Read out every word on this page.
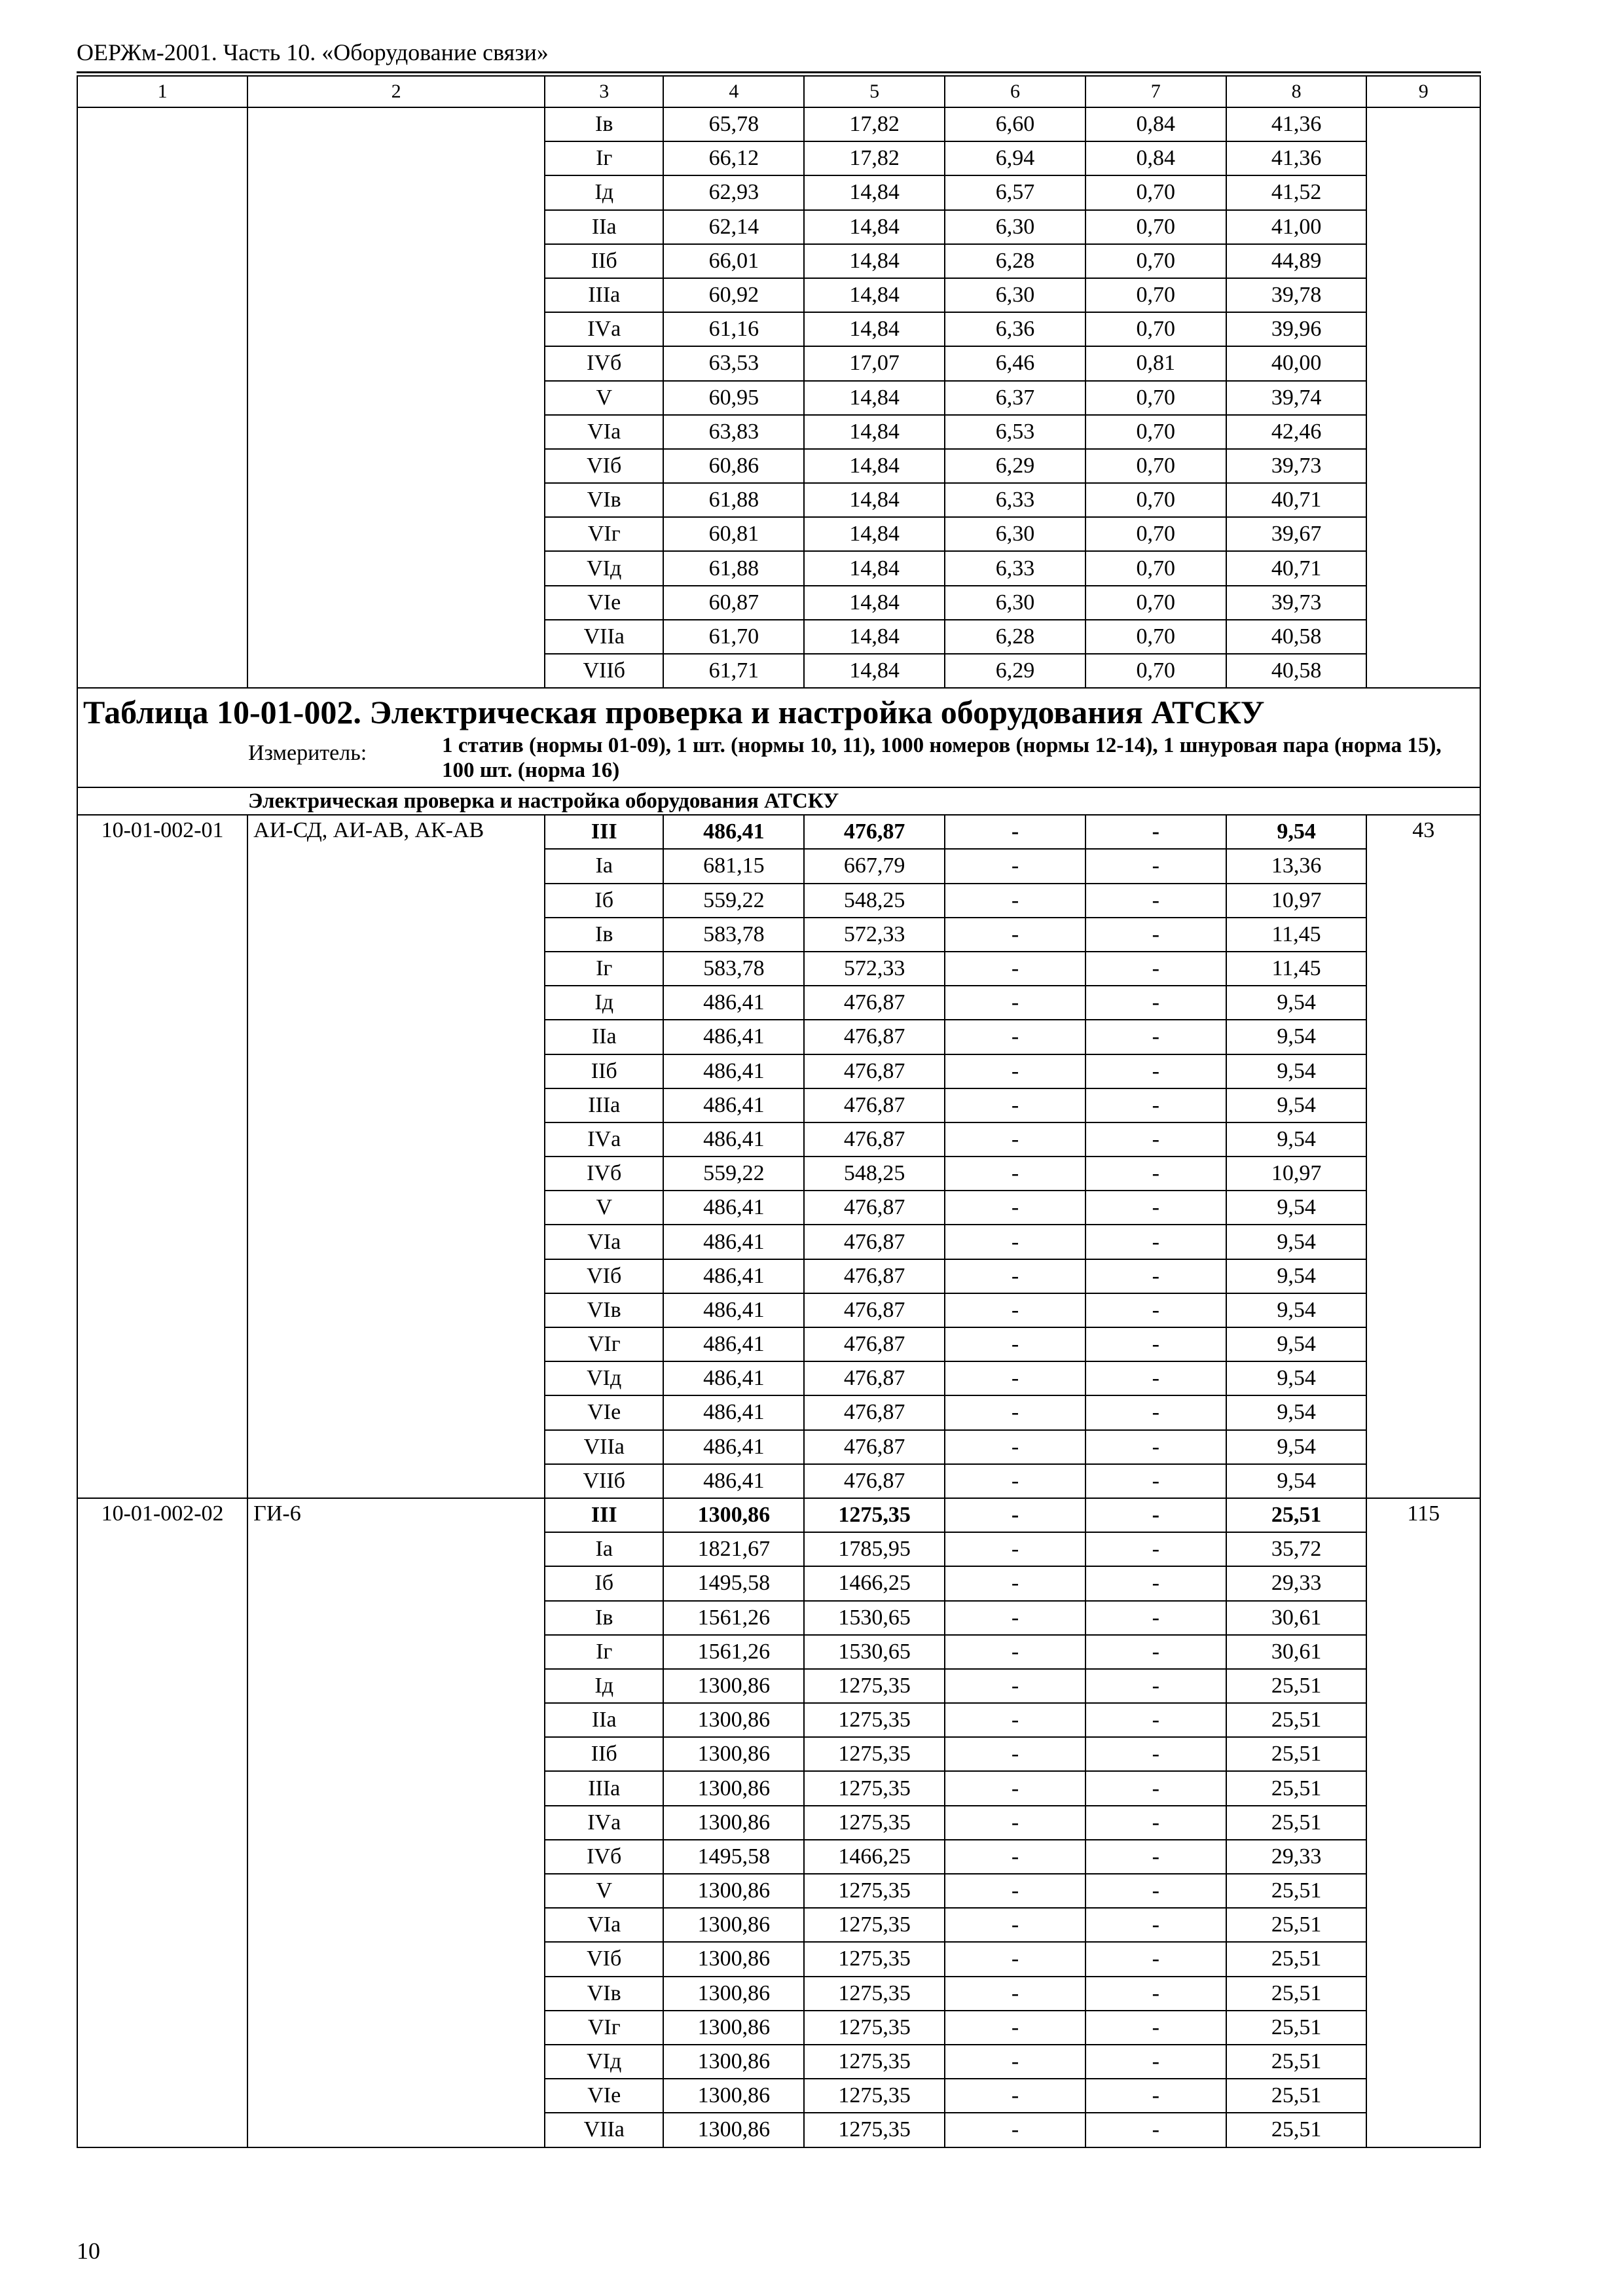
ОЕРЖм-2001. Часть 10. «Оборудование связи»
1	2	3	4	5	6	7	8	9
		Iв	65,78	17,82	6,60	0,84	41,36	
		Iг	66,12	17,82	6,94	0,84	41,36	
		Iд	62,93	14,84	6,57	0,70	41,52	
		IIа	62,14	14,84	6,30	0,70	41,00	
		IIб	66,01	14,84	6,28	0,70	44,89	
		IIIа	60,92	14,84	6,30	0,70	39,78	
		IVа	61,16	14,84	6,36	0,70	39,96	
		IVб	63,53	17,07	6,46	0,81	40,00	
		V	60,95	14,84	6,37	0,70	39,74	
		VIа	63,83	14,84	6,53	0,70	42,46	
		VIб	60,86	14,84	6,29	0,70	39,73	
		VIв	61,88	14,84	6,33	0,70	40,71	
		VIг	60,81	14,84	6,30	0,70	39,67	
		VIд	61,88	14,84	6,33	0,70	40,71	
		VIе	60,87	14,84	6,30	0,70	39,73	
		VIIа	61,70	14,84	6,28	0,70	40,58	
		VIIб	61,71	14,84	6,29	0,70	40,58	

Таблица 10-01-002. Электрическая проверка и настройка оборудования АТСКУ
Измеритель: 1 статив (нормы 01-09), 1 шт. (нормы 10, 11), 1000 номеров (нормы 12-14), 1 шнуровая пара (норма 15), 100 шт. (норма 16)								

Электрическая проверка и настройка оборудования АТСКУ								

10-01-002-01	АИ-СД, АИ-АВ, АК-АВ	III	486,41	476,87	-	-	9,54	43
		Iа	681,15	667,79	-	-	13,36	
		Iб	559,22	548,25	-	-	10,97	
		Iв	583,78	572,33	-	-	11,45	
		Iг	583,78	572,33	-	-	11,45	
		Iд	486,41	476,87	-	-	9,54	
		IIа	486,41	476,87	-	-	9,54	
		IIб	486,41	476,87	-	-	9,54	
		IIIа	486,41	476,87	-	-	9,54	
		IVа	486,41	476,87	-	-	9,54	
		IVб	559,22	548,25	-	-	10,97	
		V	486,41	476,87	-	-	9,54	
		VIа	486,41	476,87	-	-	9,54	
		VIб	486,41	476,87	-	-	9,54	
		VIв	486,41	476,87	-	-	9,54	
		VIг	486,41	476,87	-	-	9,54	
		VIд	486,41	476,87	-	-	9,54	
		VIе	486,41	476,87	-	-	9,54	
		VIIа	486,41	476,87	-	-	9,54	
		VIIб	486,41	476,87	-	-	9,54	
10-01-002-02	ГИ-6	III	1300,86	1275,35	-	-	25,51	115
		Iа	1821,67	1785,95	-	-	35,72	
		Iб	1495,58	1466,25	-	-	29,33	
		Iв	1561,26	1530,65	-	-	30,61	
		Iг	1561,26	1530,65	-	-	30,61	
		Iд	1300,86	1275,35	-	-	25,51	
		IIа	1300,86	1275,35	-	-	25,51	
		IIб	1300,86	1275,35	-	-	25,51	
		IIIа	1300,86	1275,35	-	-	25,51	
		IVа	1300,86	1275,35	-	-	25,51	
		IVб	1495,58	1466,25	-	-	29,33	
		V	1300,86	1275,35	-	-	25,51	
		VIа	1300,86	1275,35	-	-	25,51	
		VIб	1300,86	1275,35	-	-	25,51	
		VIв	1300,86	1275,35	-	-	25,51	
		VIг	1300,86	1275,35	-	-	25,51	
		VIд	1300,86	1275,35	-	-	25,51	
		VIе	1300,86	1275,35	-	-	25,51	
		VIIа	1300,86	1275,35	-	-	25,51	
10
